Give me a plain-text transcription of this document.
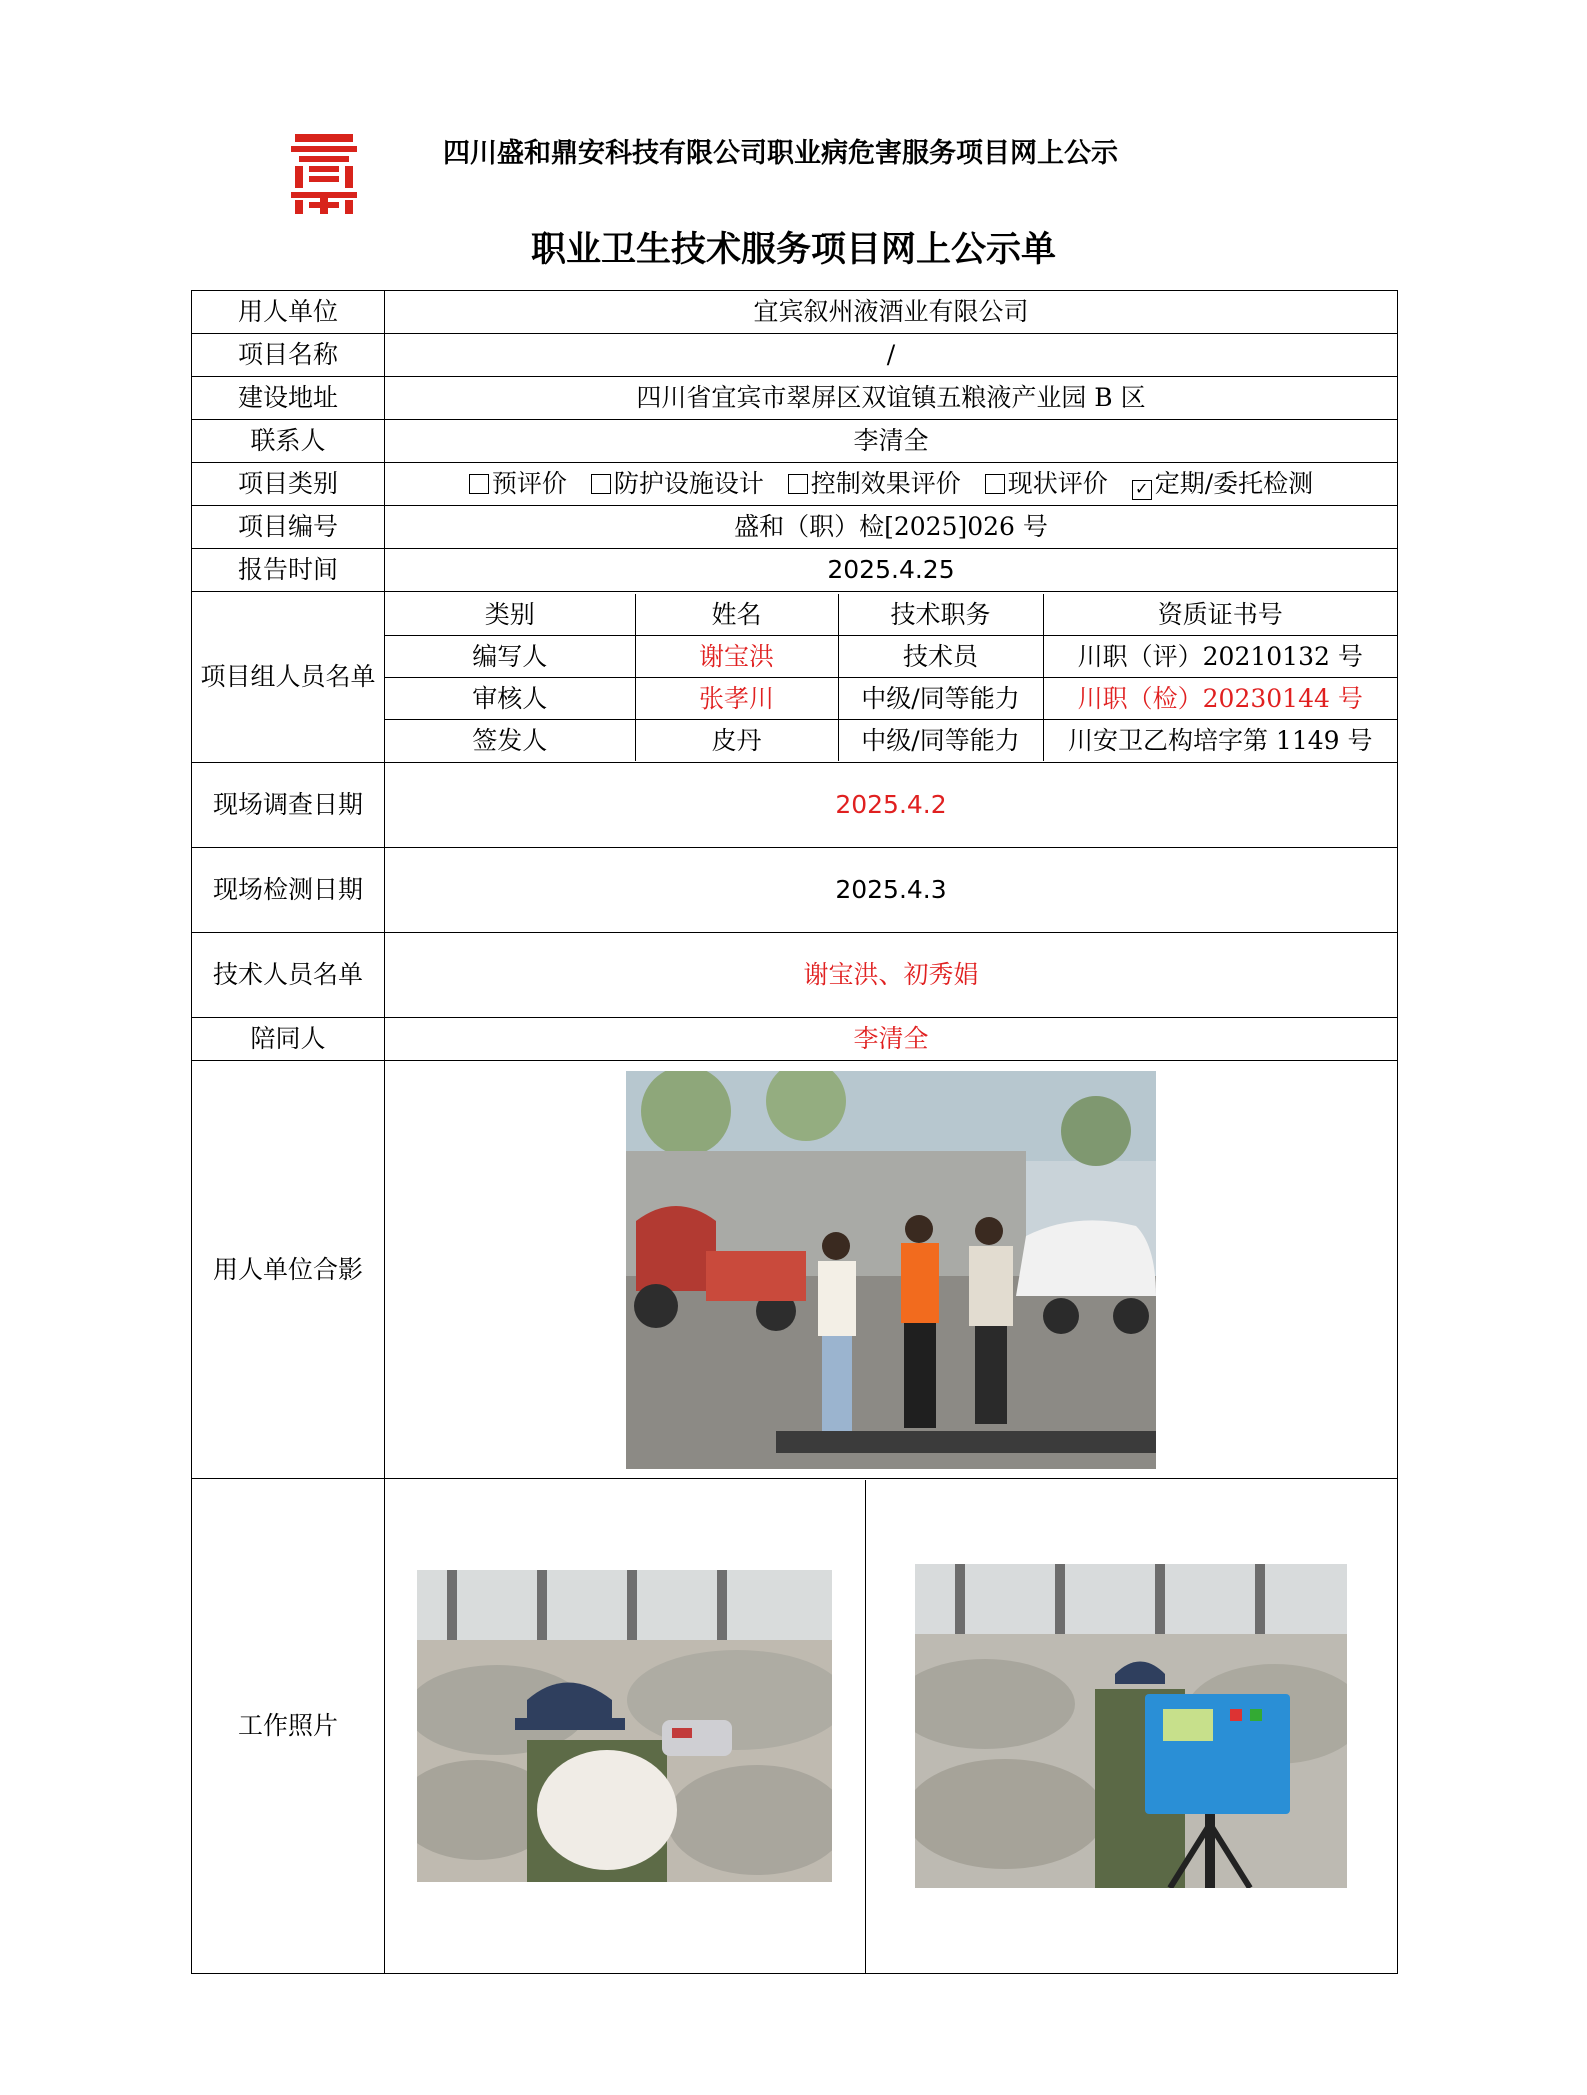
四川盛和鼎安科技有限公司职业病危害服务项目网上公示
职业卫生技术服务项目网上公示单
用人单位	宜宾叙州液酒业有限公司
项目名称	/
建设地址	四川省宜宾市翠屏区双谊镇五粮液产业园 B 区
联系人	李清全
项目类别	预评价 防护设施设计 控制效果评价 现状评价 ✓ 定期/委托检测
项目编号	盛和（职）检[2025]026 号
报告时间	2025.4.25
项目组人员名单	
类别	姓名	技术职务	资质证书号
编写人	谢宝洪	技术员	川职（评）20210132 号
审核人	张孝川	中级/同等能力	川职（检）20230144 号
签发人	皮丹	中级/同等能力	川安卫乙构培字第 1149 号

现场调查日期	2025.4.2
现场检测日期	2025.4.3
技术人员名单	谢宝洪、初秀娟
陪同人	李清全
用人单位合影	

工作照片	
